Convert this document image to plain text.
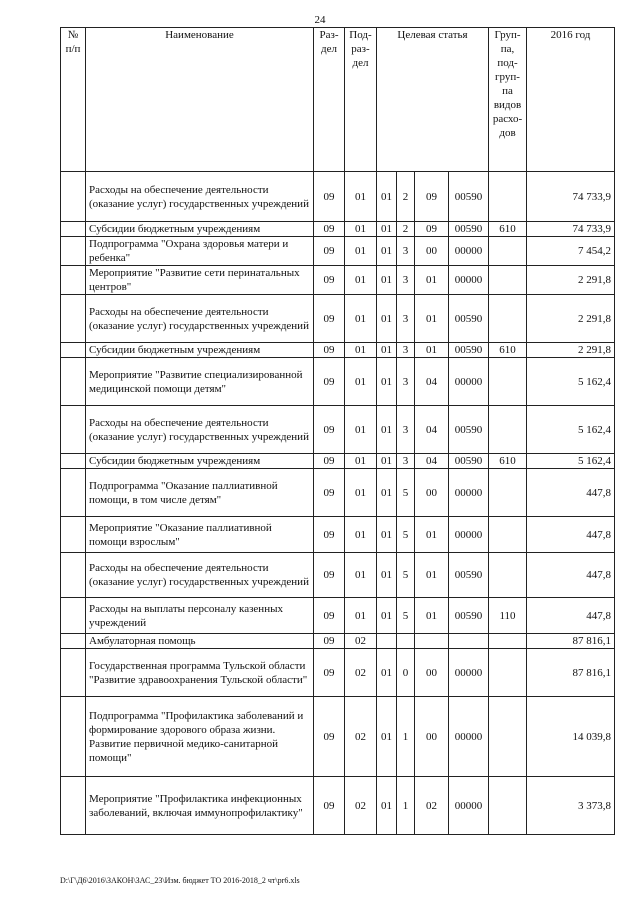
24
№ п/п	Наименование	Раз-дел	Под-раз-дел	Целевая статья				Груп-па, под-груп-па видов расхо-дов	2016 год
	Расходы на обеспечение деятельности (оказание услуг) государственных учреждений	09	01	01	2	09	00590		74 733,9
	Субсидии бюджетным учреждениям	09	01	01	2	09	00590	610	74 733,9
	Подпрограмма "Охрана здоровья матери и ребенка"	09	01	01	3	00	00000		7 454,2
	Мероприятие "Развитие сети перинатальных центров"	09	01	01	3	01	00000		2 291,8
	Расходы на обеспечение деятельности (оказание услуг) государственных учреждений	09	01	01	3	01	00590		2 291,8
	Субсидии бюджетным учреждениям	09	01	01	3	01	00590	610	2 291,8
	Мероприятие "Развитие специализированной медицинской помощи детям"	09	01	01	3	04	00000		5 162,4
	Расходы на обеспечение деятельности (оказание услуг) государственных учреждений	09	01	01	3	04	00590		5 162,4
	Субсидии бюджетным учреждениям	09	01	01	3	04	00590	610	5 162,4
	Подпрограмма "Оказание паллиативной помощи, в том числе детям"	09	01	01	5	00	00000		447,8
	Мероприятие "Оказание паллиативной помощи взрослым"	09	01	01	5	01	00000		447,8
	Расходы на обеспечение деятельности (оказание услуг) государственных учреждений	09	01	01	5	01	00590		447,8
	Расходы на выплаты персоналу казенных учреждений	09	01	01	5	01	00590	110	447,8
	Амбулаторная помощь	09	02						87 816,1
	Государственная программа Тульской области "Развитие здравоохранения Тульской области"	09	02	01	0	00	00000		87 816,1
	Подпрограмма "Профилактика заболеваний и формирование здорового образа жизни. Развитие первичной медико-санитарной помощи"	09	02	01	1	00	00000		14 039,8
	Мероприятие "Профилактика инфекционных заболеваний, включая иммунопрофилактику"	09	02	01	1	02	00000		3 373,8
D:\Г\Д6\2016\ЗАКОН\ЗАС_23\Изм. бюджет ТО 2016-2018_2 чт\pr6.xls
